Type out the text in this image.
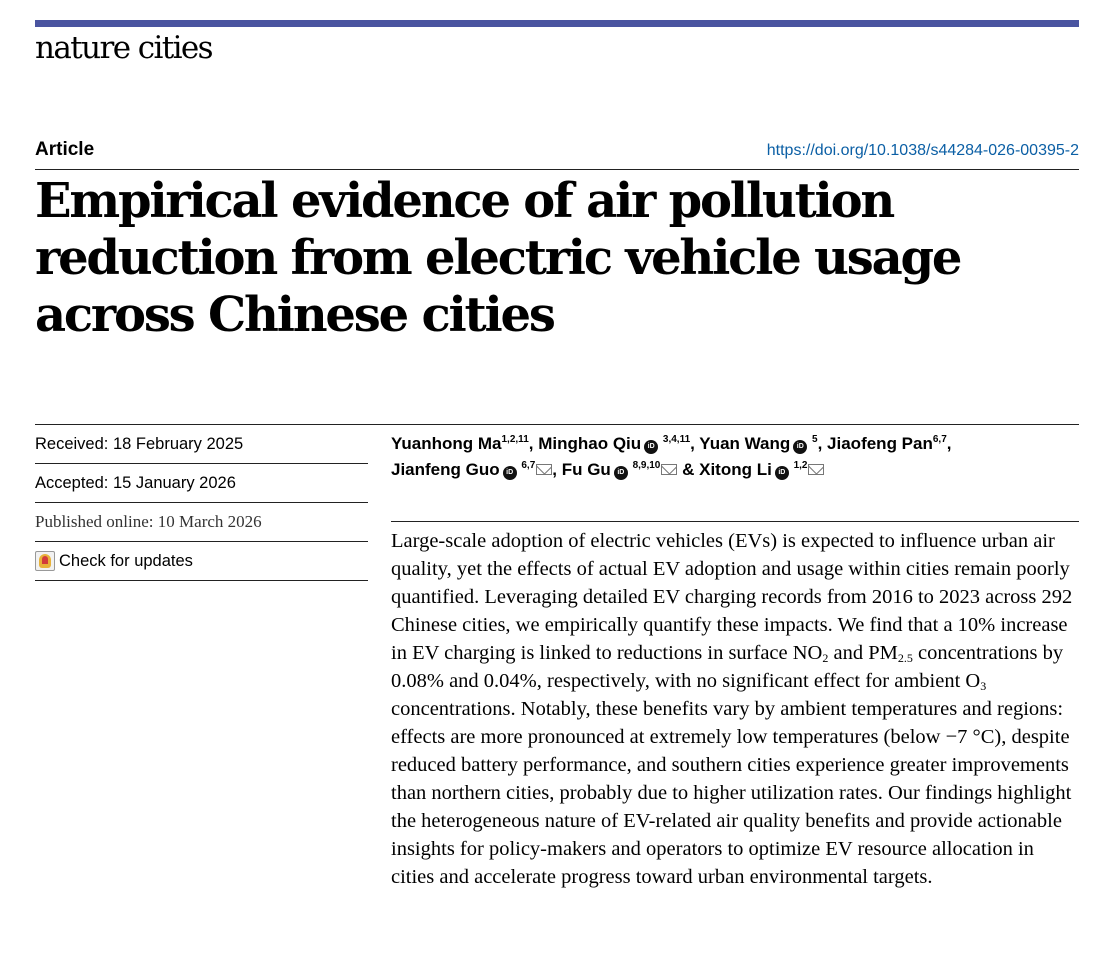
nature cities
Article	https://doi.org/10.1038/s44284-026-00395-2
Empirical evidence of air pollution reduction from electric vehicle usage across Chinese cities
Received: 18 February 2025
Accepted: 15 January 2026
Published online: 10 March 2026
Check for updates
Yuanhong Ma$^{1,2,11}$, Minghao Qiu iD $^{3,4,11}$, Yuan Wang iD $^5$, Jiaofeng Pan$^{6,7}$,
Jianfeng Guo iD $^{6,7}$ , Fu Gu iD $^{8,9,10}$ & Xitong Li iD $^{1,2}$

Large-scale adoption of electric vehicles (EVs) is expected to influence urban air quality, yet the effects of actual EV adoption and usage within cities remain poorly quantified. Leveraging detailed EV charging records from 2016 to 2023 across 292 Chinese cities, we empirically quantify these impacts. We find that a 10% increase in EV charging is linked to reductions in surface $NO_2$ and $PM_{2.5}$ concentrations by 0.08% and 0.04%, respectively, with no significant effect for ambient $O_3$ concentrations. Notably, these benefits vary by ambient temperatures and regions: effects are more pronounced at extremely low temperatures (below −7 °C), despite reduced battery performance, and southern cities experience greater improvements than northern cities, probably due to higher utilization rates. Our findings highlight the heterogeneous nature of EV-related air quality benefits and provide actionable insights for policy-makers and operators to optimize EV resource allocation in cities and accelerate progress toward urban environmental targets.
